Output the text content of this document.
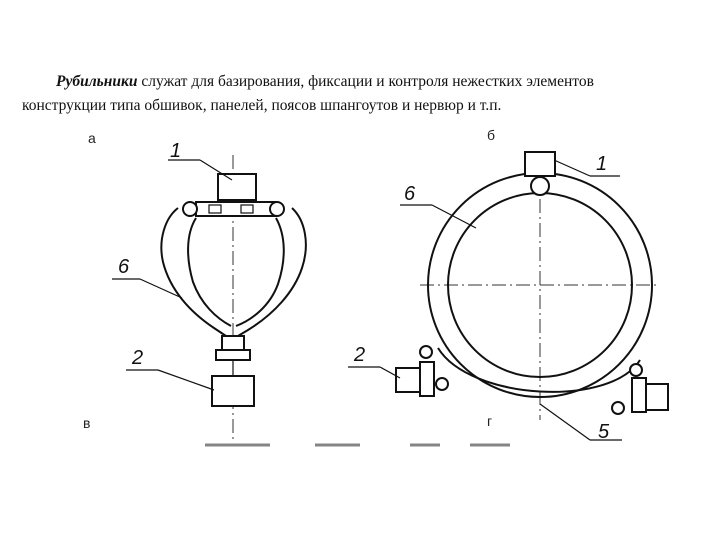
Рубильники служат для базирования, фиксации и контроля нежестких элементов
конструкции типа обшивок, панелей, поясов шпангоутов и нервюр и т.п.
а	б
в	г
1
6
2
1
6
2
5
